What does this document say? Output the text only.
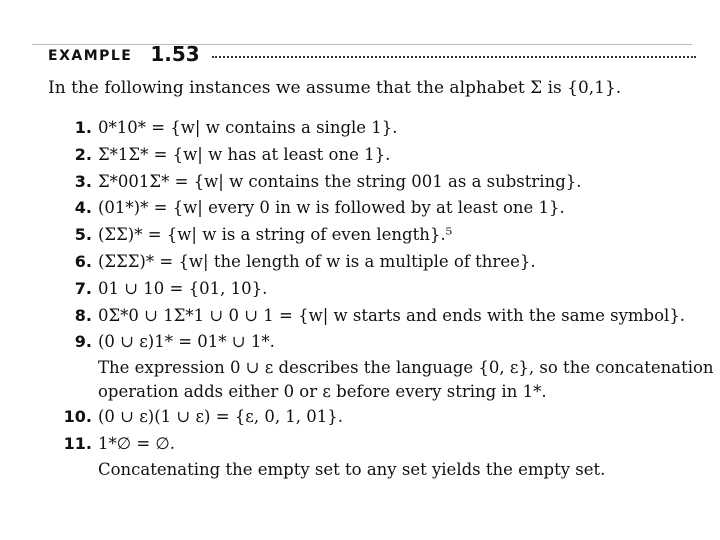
EXAMPLE 1.53
In the following instances we assume that the alphabet Σ is {0,1}.
1. 0*10* = {w| w contains a single 1}.
2. Σ*1Σ* = {w| w has at least one 1}.
3. Σ*001Σ* = {w| w contains the string 001 as a substring}.
4. (01*)* = {w| every 0 in w is followed by at least one 1}.
5. (ΣΣ)* = {w| w is a string of even length}.⁵
6. (ΣΣΣ)* = {w| the length of w is a multiple of three}.
7. 01 ∪ 10 = {01, 10}.
8. 0Σ*0 ∪ 1Σ*1 ∪ 0 ∪ 1 = {w| w starts and ends with the same symbol}.
9. (0 ∪ ε)1* = 01* ∪ 1*.
The expression 0 ∪ ε describes the language {0, ε}, so the concatenation
operation adds either 0 or ε before every string in 1*.
10. (0 ∪ ε)(1 ∪ ε) = {ε, 0, 1, 01}.
11. 1*∅ = ∅.
Concatenating the empty set to any set yields the empty set.
